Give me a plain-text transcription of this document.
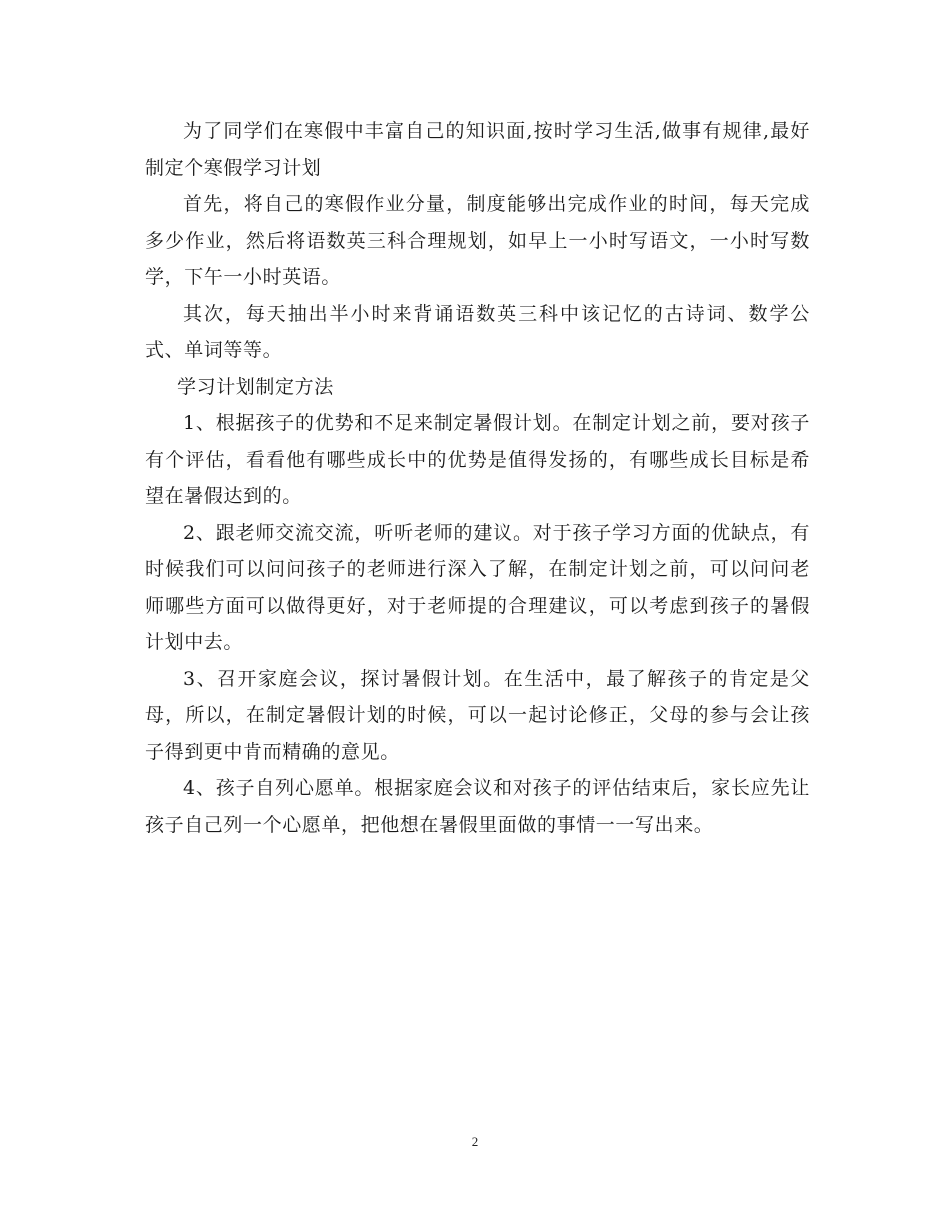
为了同学们在寒假中丰富自己的知识面,按时学习生活,做事有规律,最好制定个寒假学习计划

首先，将自己的寒假作业分量，制度能够出完成作业的时间，每天完成多少作业，然后将语数英三科合理规划，如早上一小时写语文，一小时写数学，下午一小时英语。

其次，每天抽出半小时来背诵语数英三科中该记忆的古诗词、数学公式、单词等等。

学习计划制定方法

1、根据孩子的优势和不足来制定暑假计划。在制定计划之前，要对孩子有个评估，看看他有哪些成长中的优势是值得发扬的，有哪些成长目标是希望在暑假达到的。

2、跟老师交流交流，听听老师的建议。对于孩子学习方面的优缺点，有时候我们可以问问孩子的老师进行深入了解，在制定计划之前，可以问问老师哪些方面可以做得更好，对于老师提的合理建议，可以考虑到孩子的暑假计划中去。

3、召开家庭会议，探讨暑假计划。在生活中，最了解孩子的肯定是父母，所以，在制定暑假计划的时候，可以一起讨论修正，父母的参与会让孩子得到更中肯而精确的意见。

4、孩子自列心愿单。根据家庭会议和对孩子的评估结束后，家长应先让孩子自己列一个心愿单，把他想在暑假里面做的事情一一写出来。

2
